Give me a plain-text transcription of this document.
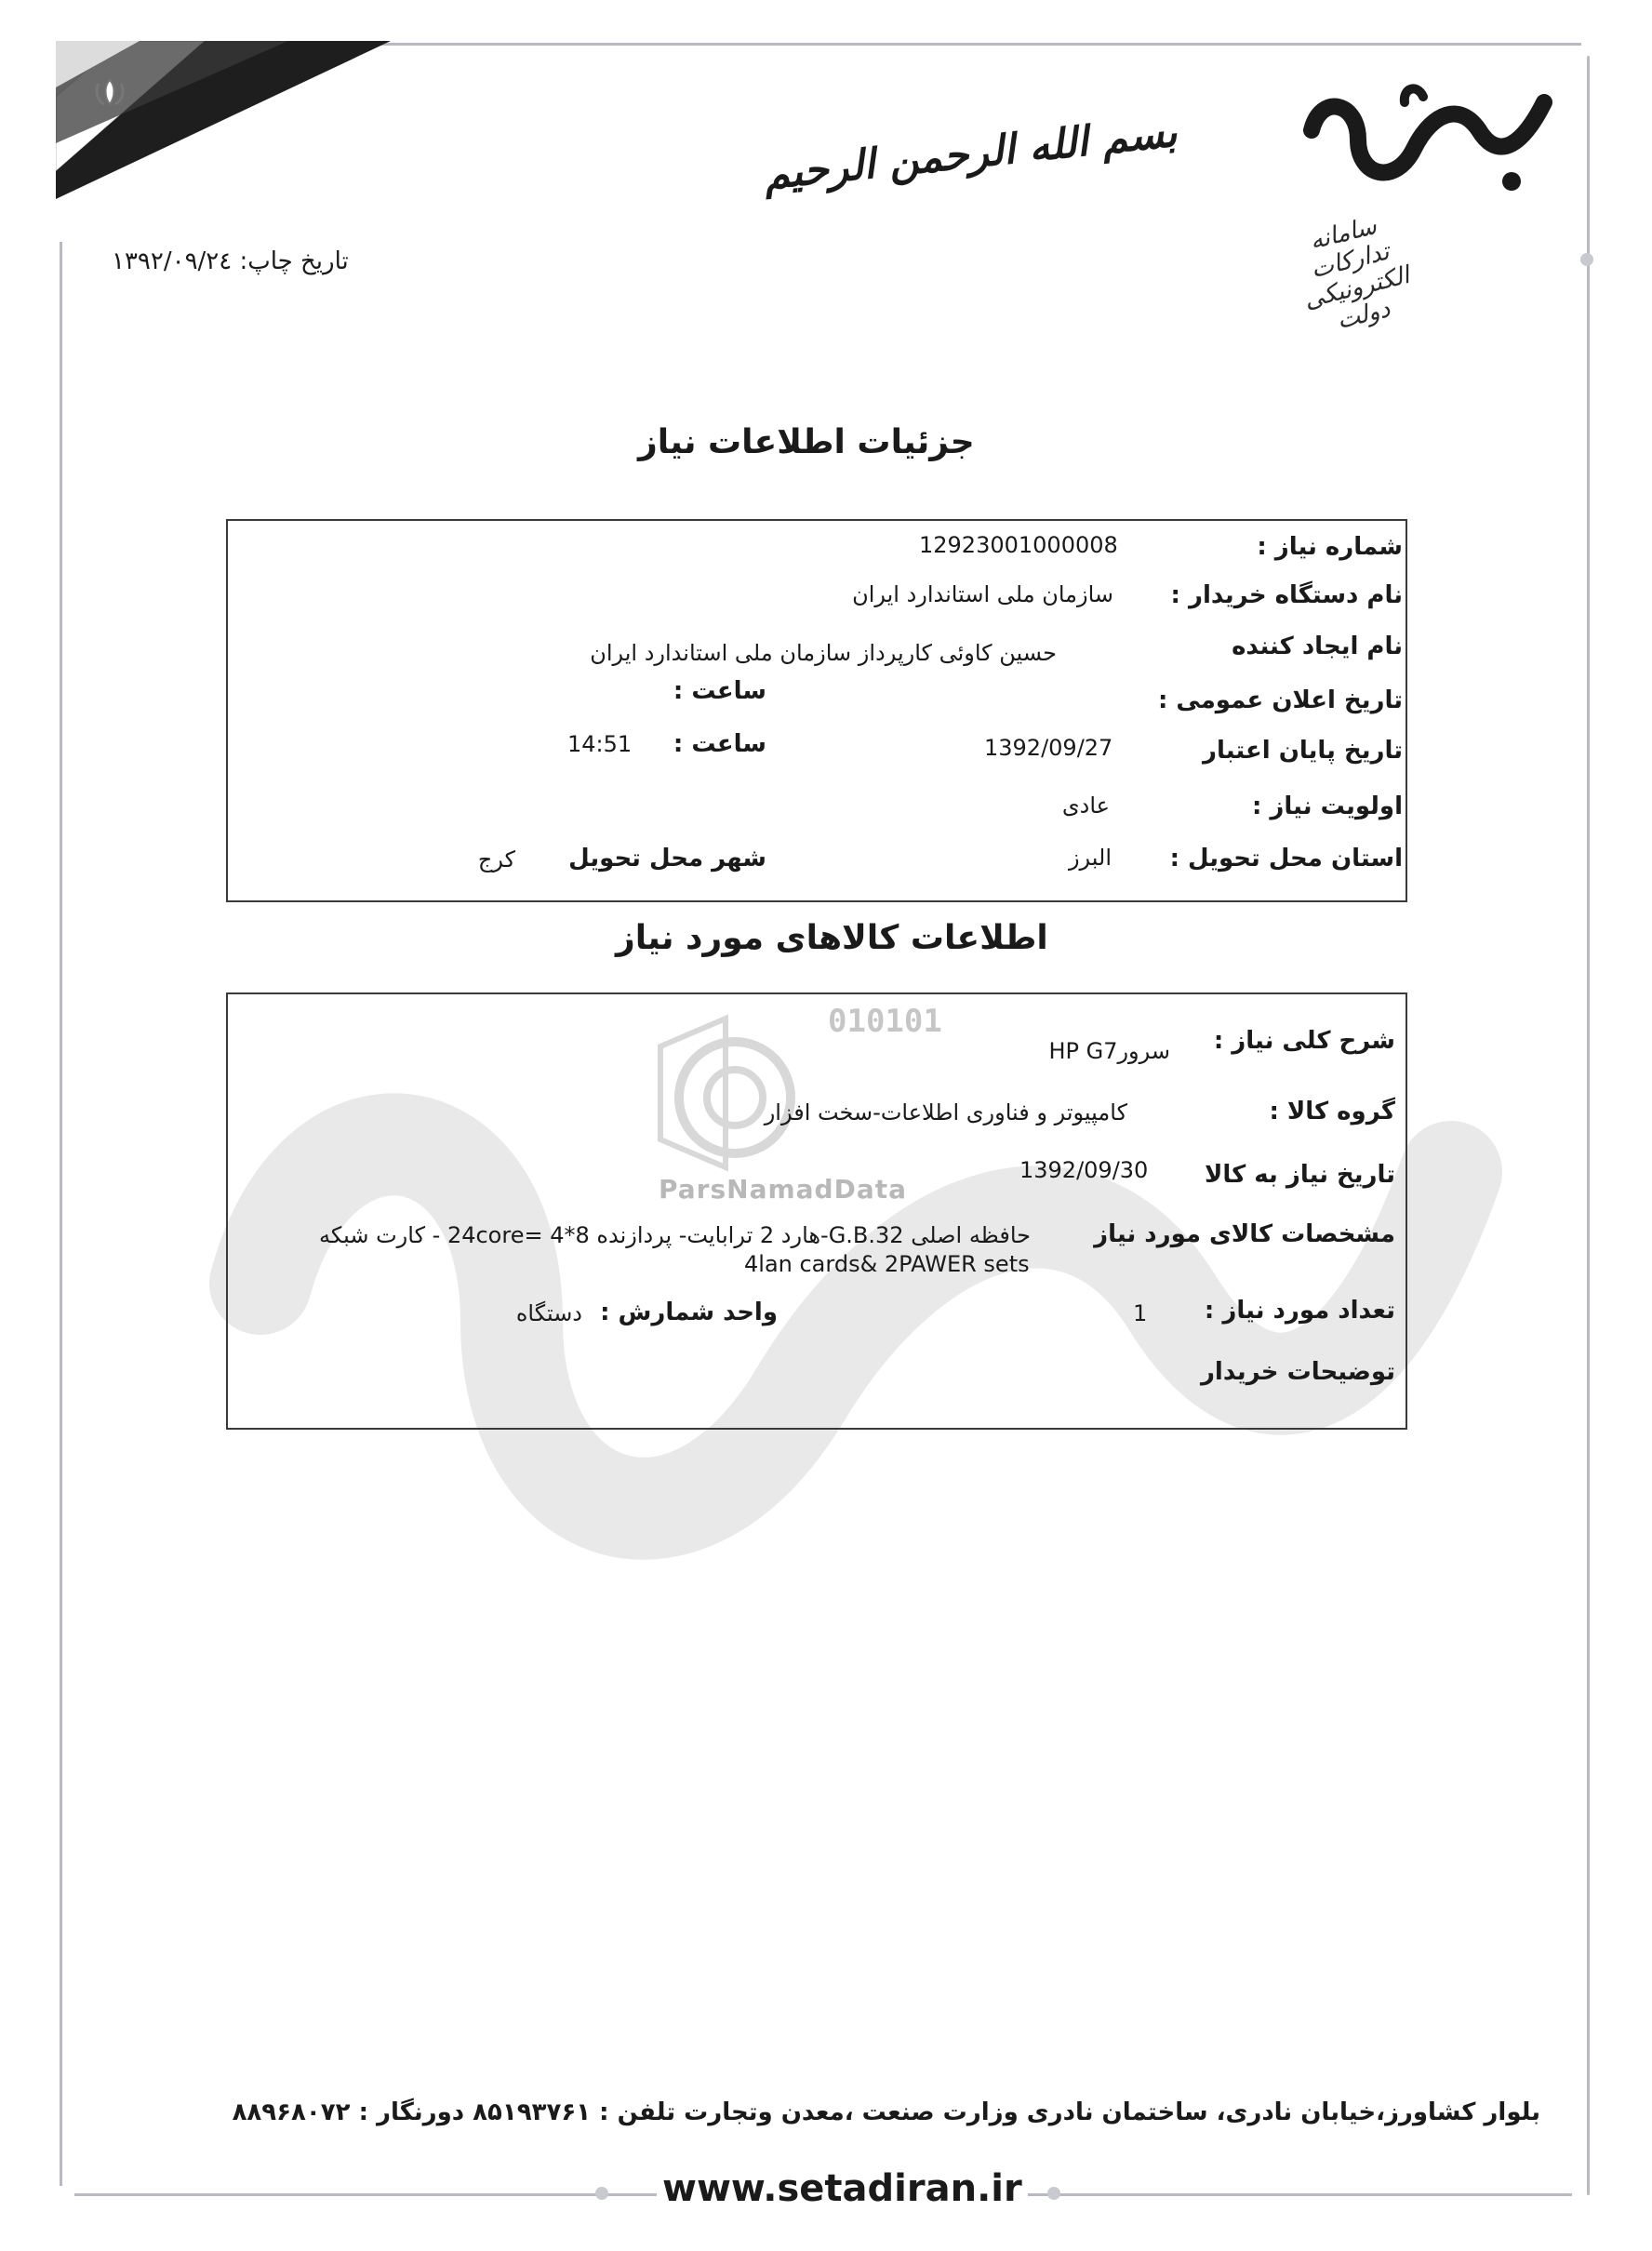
بسم الله الرحمن الرحیم
تاریخ چاپ: ۱۳۹۲/۰۹/۲٤
سامانه تدارکات الکترونیکی دولت
جزئیات اطلاعات نیاز
شماره نیاز :
12923001000008
نام دستگاه خریدار :
سازمان ملی استاندارد ایران
نام ایجاد کننده
حسین کاوئی کارپرداز سازمان ملی استاندارد ایران
تاریخ اعلان عمومی :
ساعت :
تاریخ پایان اعتبار
1392/09/27
ساعت :
14:51
اولویت نیاز :
عادی
استان محل تحویل :
البرز
شهر محل تحویل
کرج
اطلاعات کالاهای مورد نیاز
010101
ParsNamadData
شرح کلی نیاز :
سرورHP G7
گروه کالا :
کامپیوتر و فناوری اطلاعات-سخت افزار
تاریخ نیاز به کالا
1392/09/30
مشخصات کالای مورد نیاز
حافظه اصلی G.B.32-هارد 2 ترابایت- پردازنده 8*4 =24core - کارت شبکه
4lan cards& 2PAWER sets
تعداد مورد نیاز :
1
واحد شمارش :
دستگاه
توضیحات خریدار
بلوار کشاورز،خیابان نادری، ساختمان نادری وزارت صنعت ،معدن وتجارت تلفن : ۸۵۱۹۳۷۶۱ دورنگار : ۸۸۹۶۸۰۷۲
www.setadiran.ir
